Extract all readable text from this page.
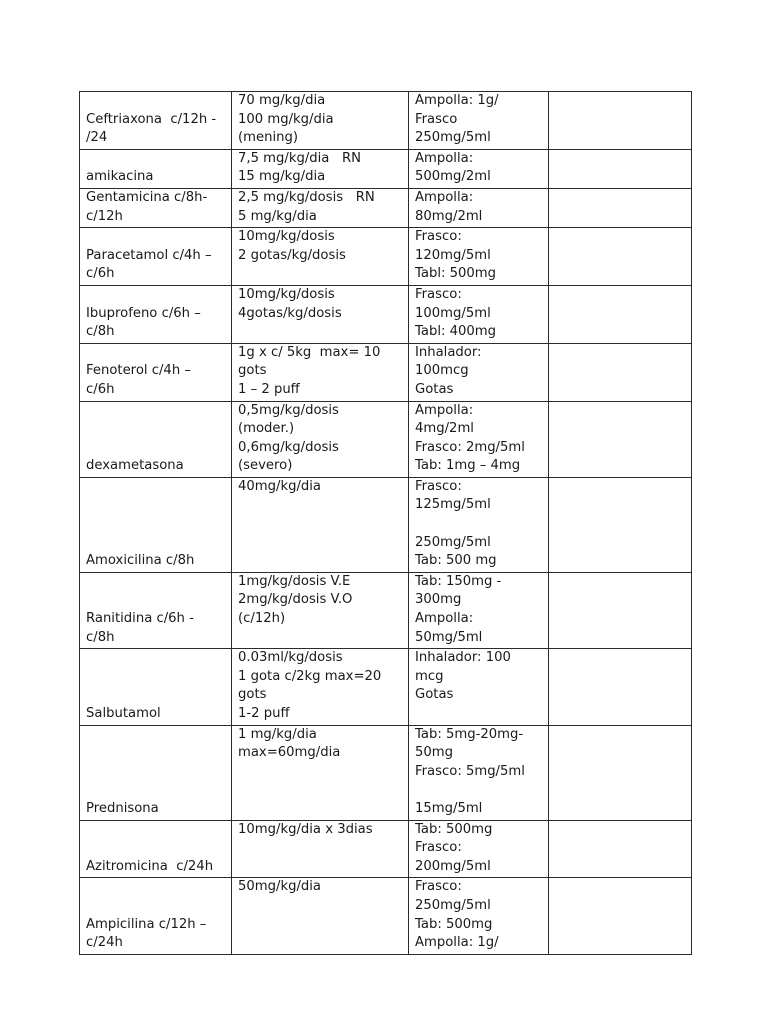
Ceftriaxona  c/12h -
/24	70 mg/kg/dia
100 mg/kg/dia
(mening)	Ampolla: 1g/
Frasco
250mg/5ml	

amikacina	7,5 mg/kg/dia   RN
15 mg/kg/dia	Ampolla:
500mg/2ml	

Gentamicina c/8h-
c/12h	2,5 mg/kg/dosis   RN
5 mg/kg/dia	Ampolla:
80mg/2ml	

Paracetamol c/4h –
c/6h	10mg/kg/dosis
2 gotas/kg/dosis	Frasco:
120mg/5ml
Tabl: 500mg	

Ibuprofeno c/6h –
c/8h	10mg/kg/dosis
4gotas/kg/dosis	Frasco:
100mg/5ml
Tabl: 400mg	

Fenoterol c/4h –
c/6h	1g x c/ 5kg  max= 10
gots
1 – 2 puff	Inhalador:
100mcg
Gotas	

dexametasona	0,5mg/kg/dosis
(moder.)
0,6mg/kg/dosis
(severo)	Ampolla:
4mg/2ml
Frasco: 2mg/5ml
Tab: 1mg – 4mg	

Amoxicilina c/8h	40mg/kg/dia	Frasco:
125mg/5ml
250mg/5ml
Tab: 500 mg	

Ranitidina c/6h -
c/8h	1mg/kg/dosis V.E
2mg/kg/dosis V.O
(c/12h)	Tab: 150mg -
300mg
Ampolla:
50mg/5ml	

Salbutamol	0.03ml/kg/dosis
1 gota c/2kg max=20
gots
1-2 puff	Inhalador: 100
mcg
Gotas	

Prednisona	1 mg/kg/dia
max=60mg/dia	Tab: 5mg-20mg-
50mg
Frasco: 5mg/5ml
15mg/5ml	

Azitromicina  c/24h	10mg/kg/dia x 3dias	Tab: 500mg
Frasco:
200mg/5ml	

Ampicilina c/12h –
c/24h	50mg/kg/dia	Frasco:
250mg/5ml
Tab: 500mg
Ampolla: 1g/	
